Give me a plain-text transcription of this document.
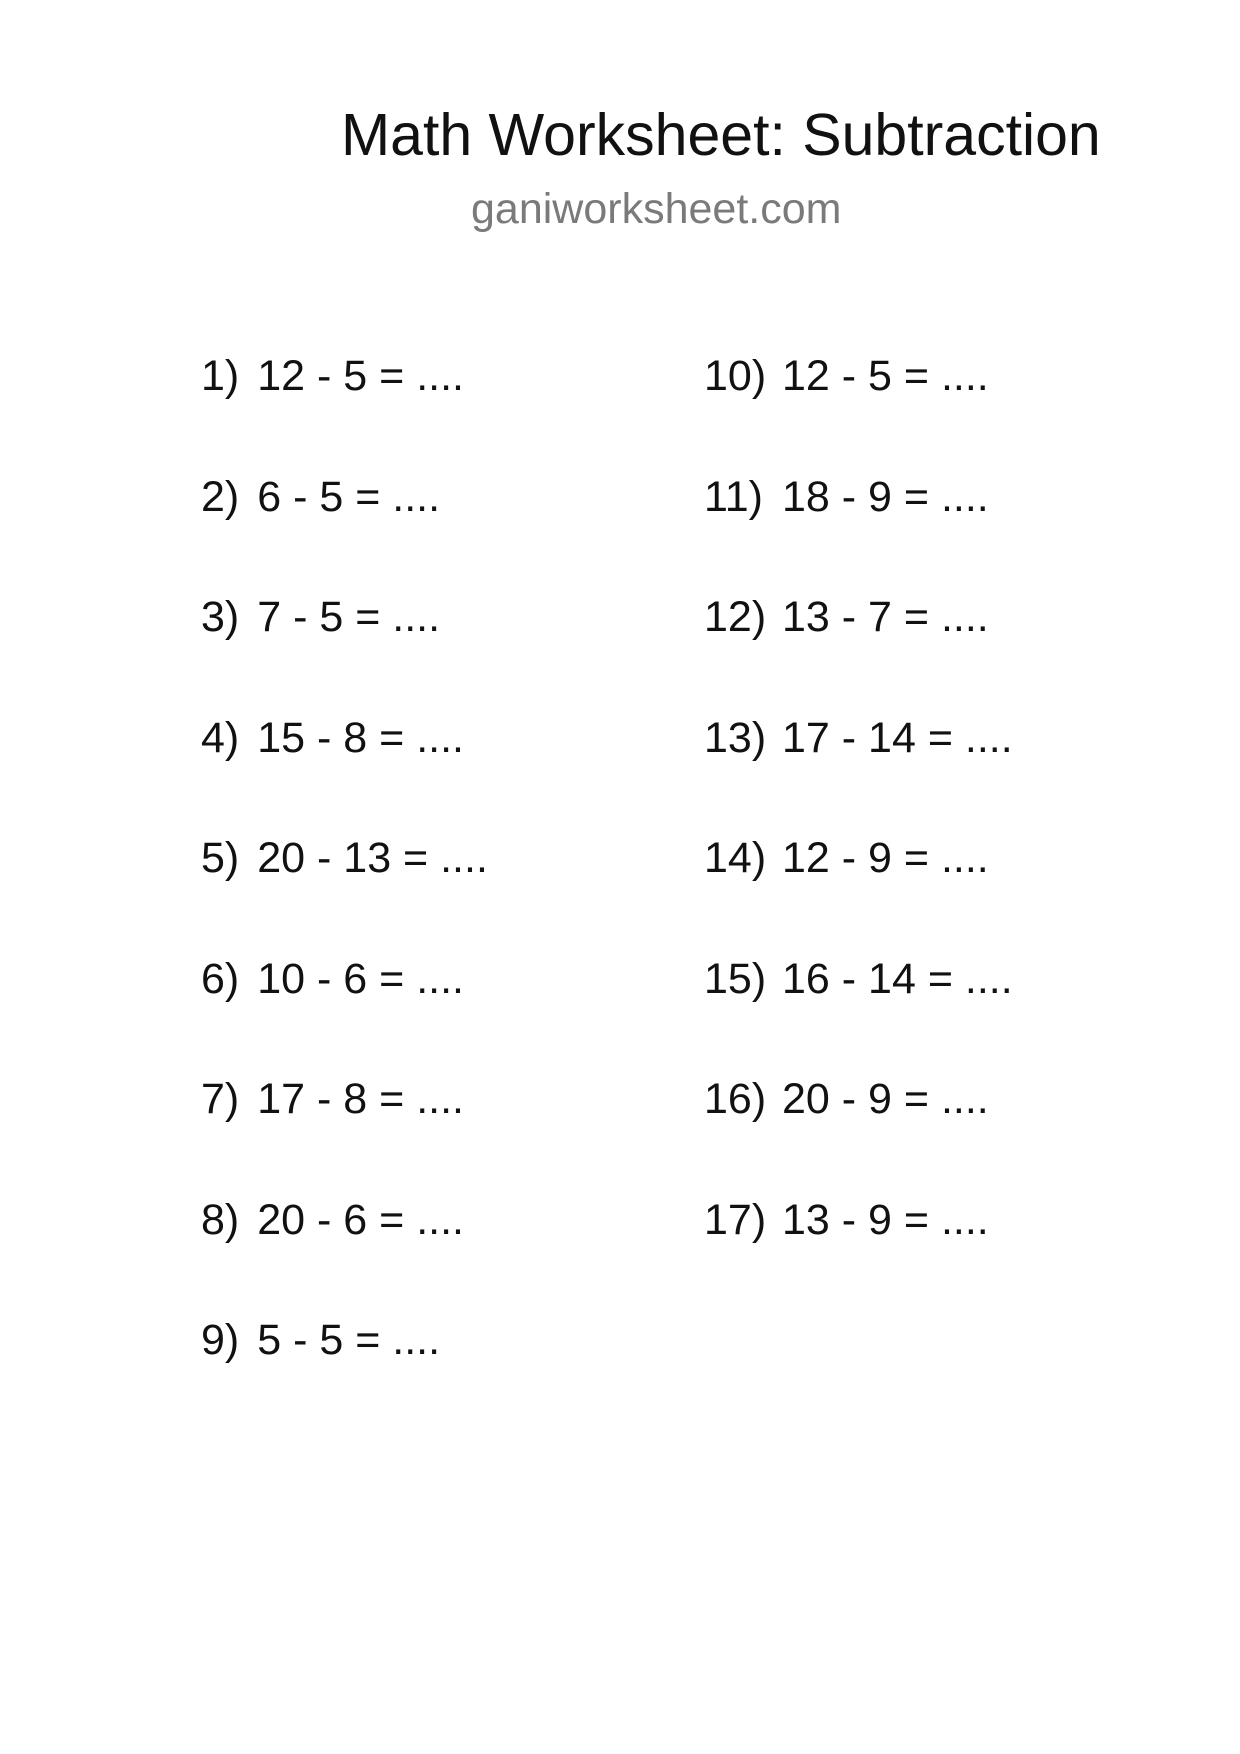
Math Worksheet: Subtraction
ganiworksheet.com
1) 12 - 5 = ....
2) 6 - 5 = ....
3) 7 - 5 = ....
4) 15 - 8 = ....
5) 20 - 13 = ....
6) 10 - 6 = ....
7) 17 - 8 = ....
8) 20 - 6 = ....
9) 5 - 5 = ....
10) 12 - 5 = ....
11) 18 - 9 = ....
12) 13 - 7 = ....
13) 17 - 14 = ....
14) 12 - 9 = ....
15) 16 - 14 = ....
16) 20 - 9 = ....
17) 13 - 9 = ....
